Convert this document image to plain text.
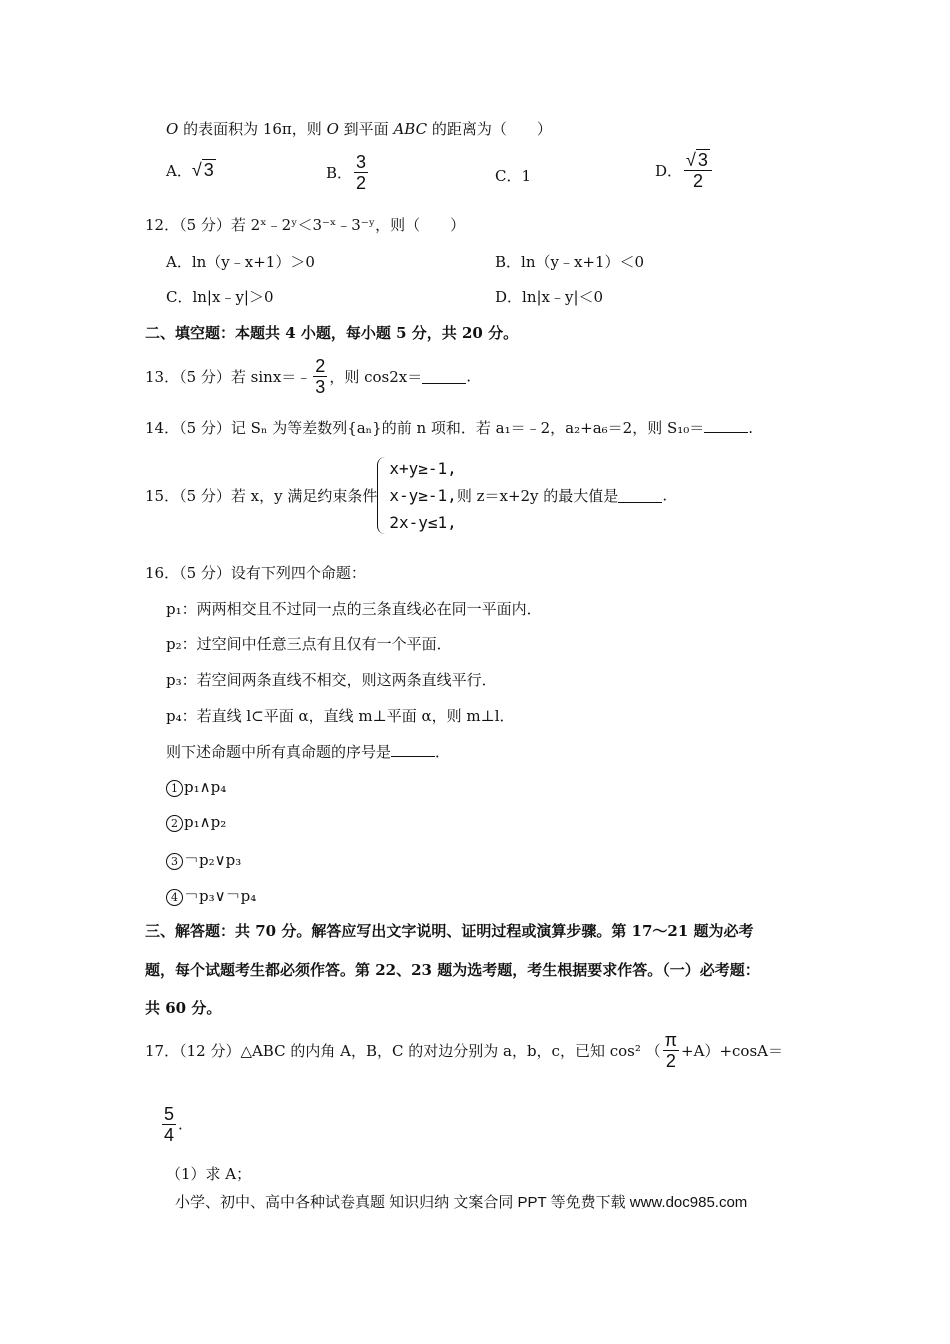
O 的表面积为 16π，则 O 到平面 ABC 的距离为（　　）
A．√ 3	B． $\frac{3}{2}$	C．1	D． $\frac{√ 3}{2}$
12．（5 分）若 2ˣ﹣2ʸ＜3⁻ˣ﹣3⁻ʸ，则（　　）
A．ln（y﹣x+1）＞0	B．ln（y﹣x+1）＜0
C．ln|x﹣y|＞0	D．ln|x﹣y|＜0
二、填空题：本题共 4 小题，每小题 5 分，共 20 分。
13．（5 分）若 sinx＝﹣ $\frac{2}{3}$ ，则 cos2x＝	.
14．（5 分）记 Sₙ 为等差数列{aₙ}的前 n 项和．若 a₁＝﹣2，a₂+a₆＝2，则 S₁₀＝	.
15．（5 分）若 x，y 满足约束条件
x+y≥-1,
x-y≥-1,
2x-y≤1,
则 z＝x+2y 的最大值是	.
16．（5 分）设有下列四个命题：
p₁：两两相交且不过同一点的三条直线必在同一平面内．
p₂：过空间中任意三点有且仅有一个平面．
p₃：若空间两条直线不相交，则这两条直线平行．
p₄：若直线 l⊂平面 α，直线 m⊥平面 α，则 m⊥l．
则下述命题中所有真命题的序号是	．
1 p₁∧p₄
2 p₁∧p₂
3 ￢p₂∨p₃
4 ￢p₃∨￢p₄
三、解答题：共 70 分。解答应写出文字说明、证明过程或演算步骤。第 17～21 题为必考
题，每个试题考生都必须作答。第 22、23 题为选考题，考生根据要求作答。（一）必考题：
共 60 分。
17．（12 分）△ABC 的内角 A，B，C 的对边分别为 a，b，c，已知 cos² （ $\frac{\pi}{2} +A)+\cos A=$
$\frac{5}{4}$ .
（1）求 A；
小学、初中、高中各种试卷真题 知识归纳 文案合同 PPT 等免费下载 www.doc985.com
